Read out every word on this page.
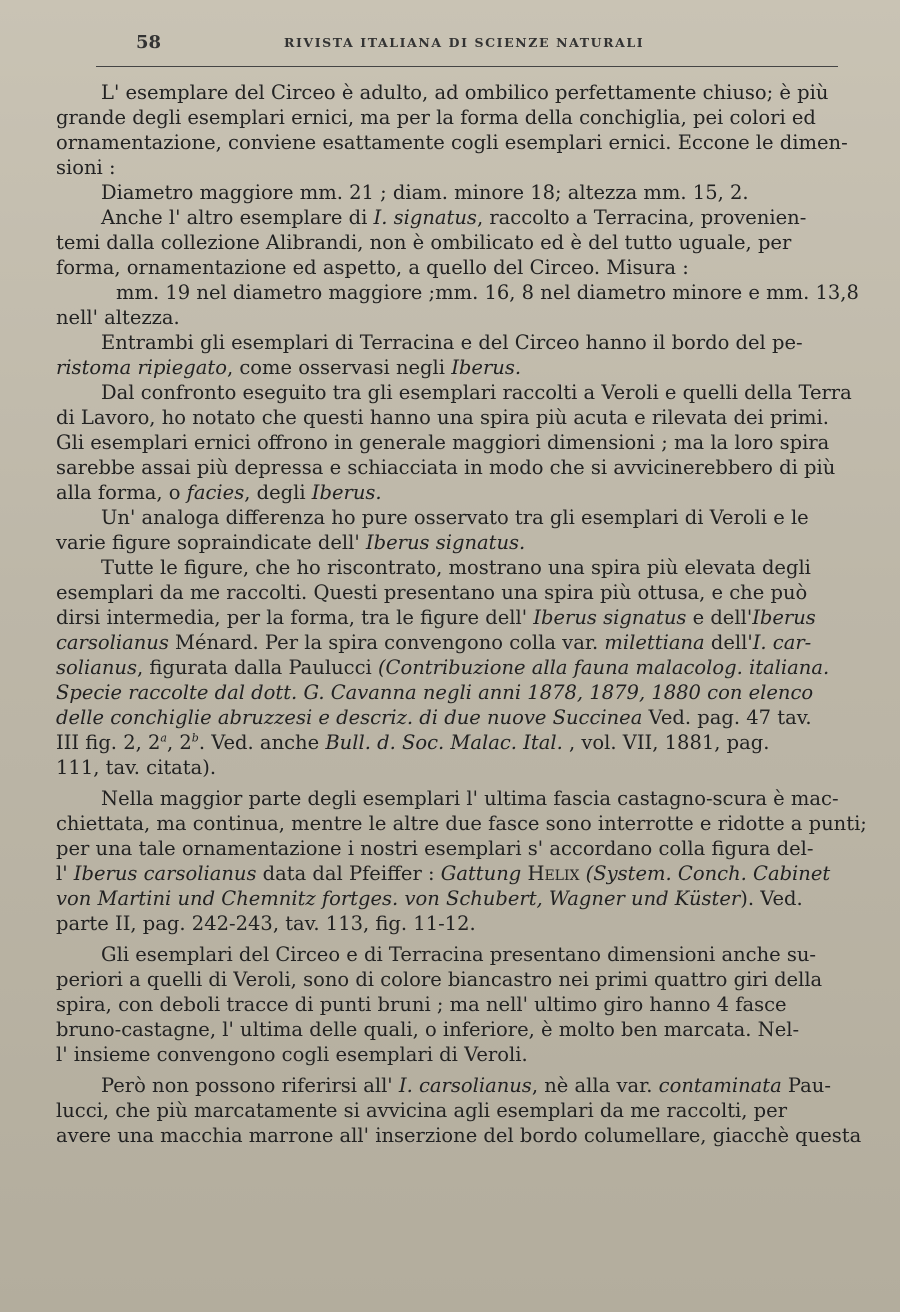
58	RIVISTA ITALIANA DI SCIENZE NATURALI

L' esemplare del Circeo è adulto, ad ombilico perfettamente chiuso; è più
grande degli esemplari ernici, ma per la forma della conchiglia, pei colori ed
ornamentazione, conviene esattamente cogli esemplari ernici. Eccone le dimen-
sioni :

Diametro maggiore mm. 21 ; diam. minore 18; altezza mm. 15, 2.

Anche l' altro esemplare di I. signatus, raccolto a Terracina, provenien-
temi dalla collezione Alibrandi, non è ombilicato ed è del tutto uguale, per
forma, ornamentazione ed aspetto, a quello del Circeo. Misura :

mm. 19 nel diametro maggiore ;mm. 16, 8 nel diametro minore e mm. 13,8
nell' altezza.

Entrambi gli esemplari di Terracina e del Circeo hanno il bordo del pe-
ristoma ripiegato, come osservasi negli Iberus.

Dal confronto eseguito tra gli esemplari raccolti a Veroli e quelli della Terra
di Lavoro, ho notato che questi hanno una spira più acuta e rilevata dei primi.
Gli esemplari ernici offrono in generale maggiori dimensioni ; ma la loro spira
sarebbe assai più depressa e schiacciata in modo che si avvicinerebbero di più
alla forma, o facies, degli Iberus.

Un' analoga differenza ho pure osservato tra gli esemplari di Veroli e le
varie figure sopraindicate dell' Iberus signatus.

Tutte le figure, che ho riscontrato, mostrano una spira più elevata degli
esemplari da me raccolti. Questi presentano una spira più ottusa, e che può
dirsi intermedia, per la forma, tra le figure dell' Iberus signatus e dell'Iberus
carsolianus Ménard. Per la spira convengono colla var. milettiana dell'I. car-
solianus, figurata dalla Paulucci (Contribuzione alla fauna malacolog. italiana.
Specie raccolte dal dott. G. Cavanna negli anni 1878, 1879, 1880 con elenco
delle conchiglie abruzzesi e descriz. di due nuove Succinea Ved. pag. 47 tav.
III fig. 2, 2$^a$, 2$^b$. Ved. anche Bull. d. Soc. Malac. Ital. , vol. VII, 1881, pag.
111, tav. citata).

Nella maggior parte degli esemplari l' ultima fascia castagno-scura è mac-
chiettata, ma continua, mentre le altre due fasce sono interrotte e ridotte a punti;
per una tale ornamentazione i nostri esemplari s' accordano colla figura del-
l' Iberus carsolianus data dal Pfeiffer : Gattung Helix (System. Conch. Cabinet
von Martini und Chemnitz fortges. von Schubert, Wagner und Küster). Ved.
parte II, pag. 242-243, tav. 113, fig. 11-12.

Gli esemplari del Circeo e di Terracina presentano dimensioni anche su-
periori a quelli di Veroli, sono di colore biancastro nei primi quattro giri della
spira, con deboli tracce di punti bruni ; ma nell' ultimo giro hanno 4 fasce
bruno-castagne, l' ultima delle quali, o inferiore, è molto ben marcata. Nel-
l' insieme convengono cogli esemplari di Veroli.

Però non possono riferirsi all' I. carsolianus, nè alla var. contaminata Pau-
lucci, che più marcatamente si avvicina agli esemplari da me raccolti, per
avere una macchia marrone all' inserzione del bordo columellare, giacchè questa
